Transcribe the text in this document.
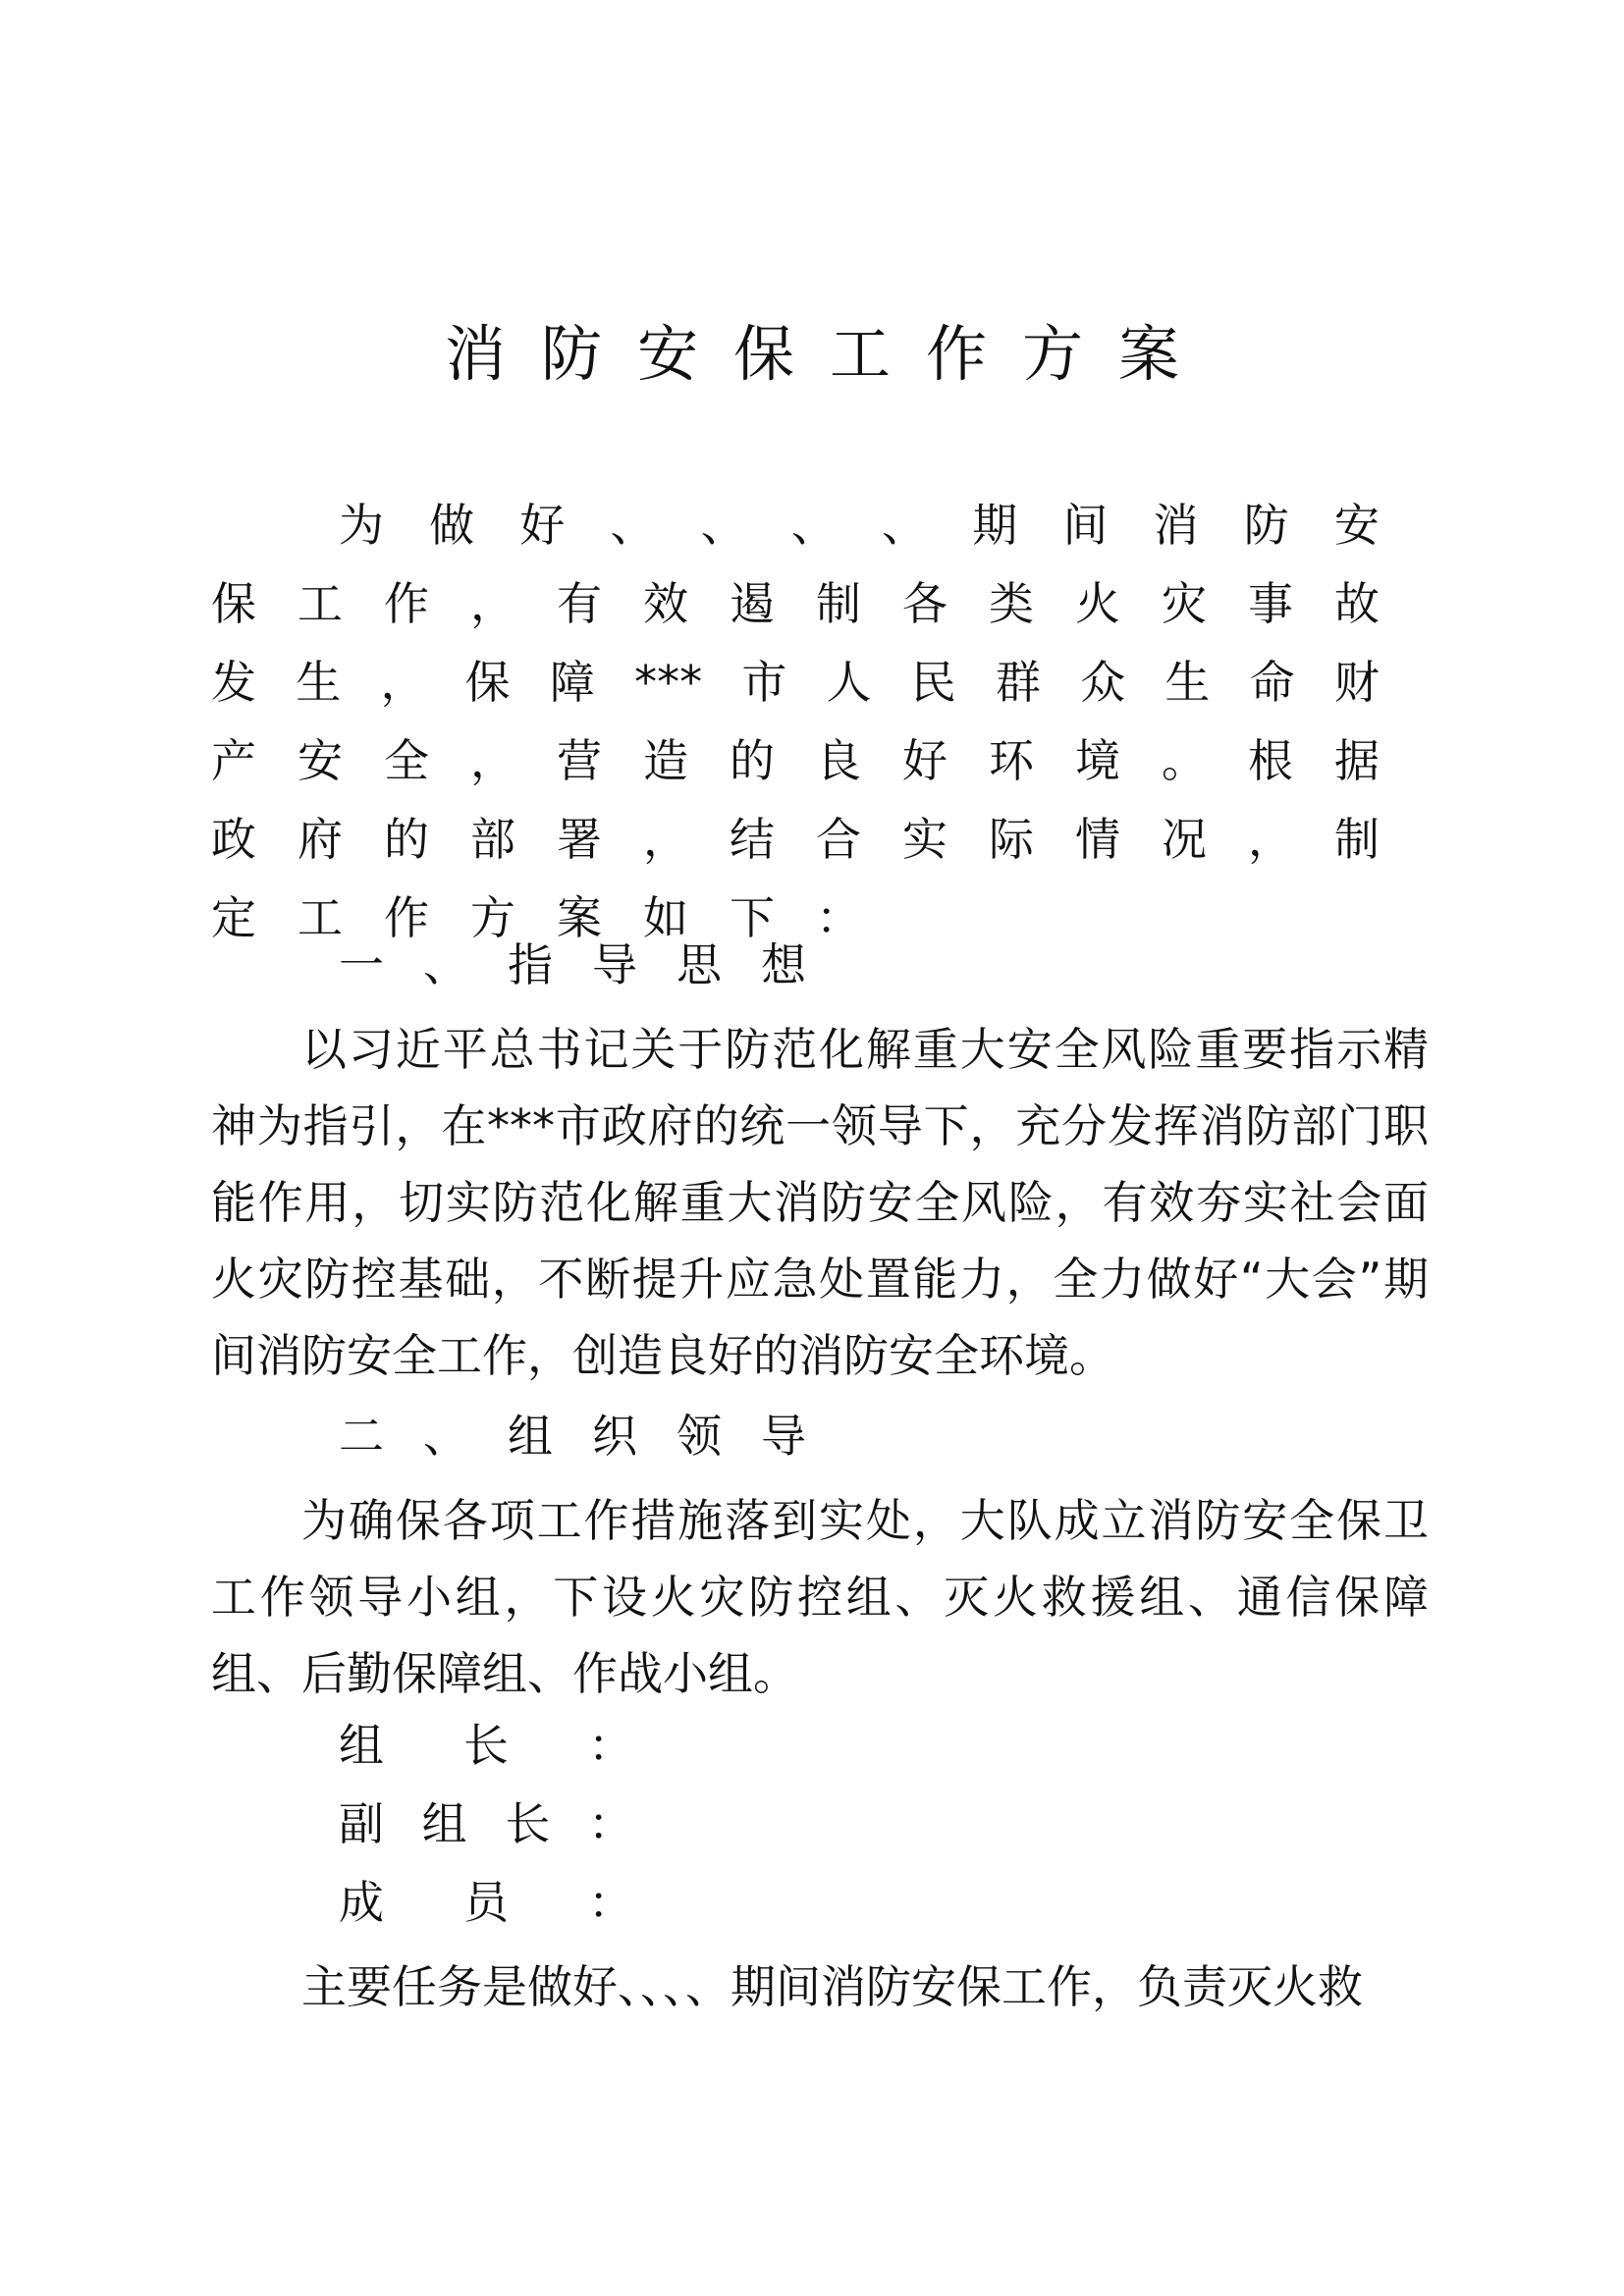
消防安保工作方案
为 做 好 、 、 、 、 期 间 消 防 安
保 工 作 ， 有 效 遏 制 各 类 火 灾 事 故
发 生 ， 保 障 *** 市 人 民 群 众 生 命 财
产 安 全 ， 营 造 的 良 好 环 境 。 根 据
政 府 的 部 署 ， 结 合 实 际 情 况 ， 制
定 工 作 方 案 如 下 ：
一、指导思想
以习近平总书记关于防范化解重大安全风险重要指示精神为指引，在***市政府的统一领导下，充分发挥消防部门职能作用，切实防范化解重大消防安全风险，有效夯实社会面火灾防控基础，不断提升应急处置能力，全力做好“大会”期间消防安全工作，创造良好的消防安全环境。
二、组织领导
为确保各项工作措施落到实处，大队成立消防安全保卫工作领导小组，下设火灾防控组、灭火救援组、通信保障组、后勤保障组、作战小组。
组 长 ：
副 组 长 ：
成 员 ：
主要任务是做好、、、、期间消防安保工作，负责灭火救
